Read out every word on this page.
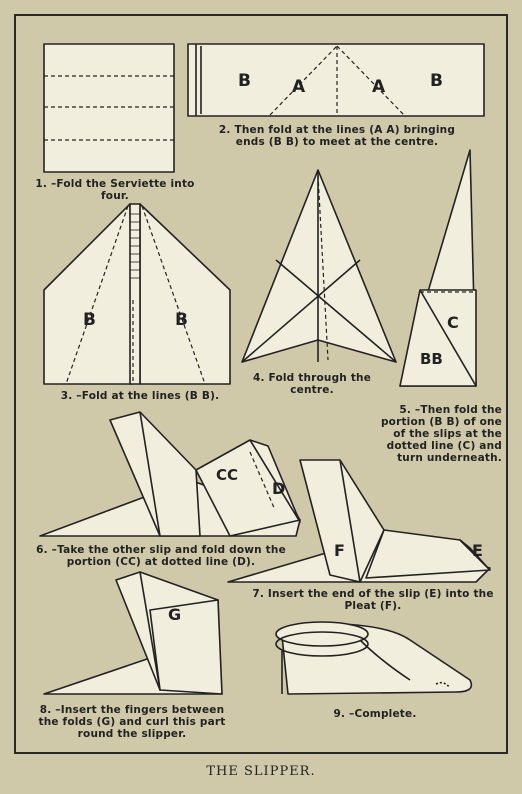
B A	A	B
B	B	C
BB
CC
D
F	E
G
1. –Fold the Serviette into four.
2. Then fold at the lines (A A) bringing ends (B B) to meet at the centre.
3. –Fold at the lines (B B).
4. Fold through the centre.
5. –Then fold the portion (B B) of one of the slips at the dotted line (C) and turn underneath.
6. –Take the other slip and fold down the portion (CC) at dotted line (D).
7. Insert the end of the slip (E) into the Pleat (F).
8. –Insert the fingers between the folds (G) and curl this part round the slipper.
9. –Complete.
THE SLIPPER.
